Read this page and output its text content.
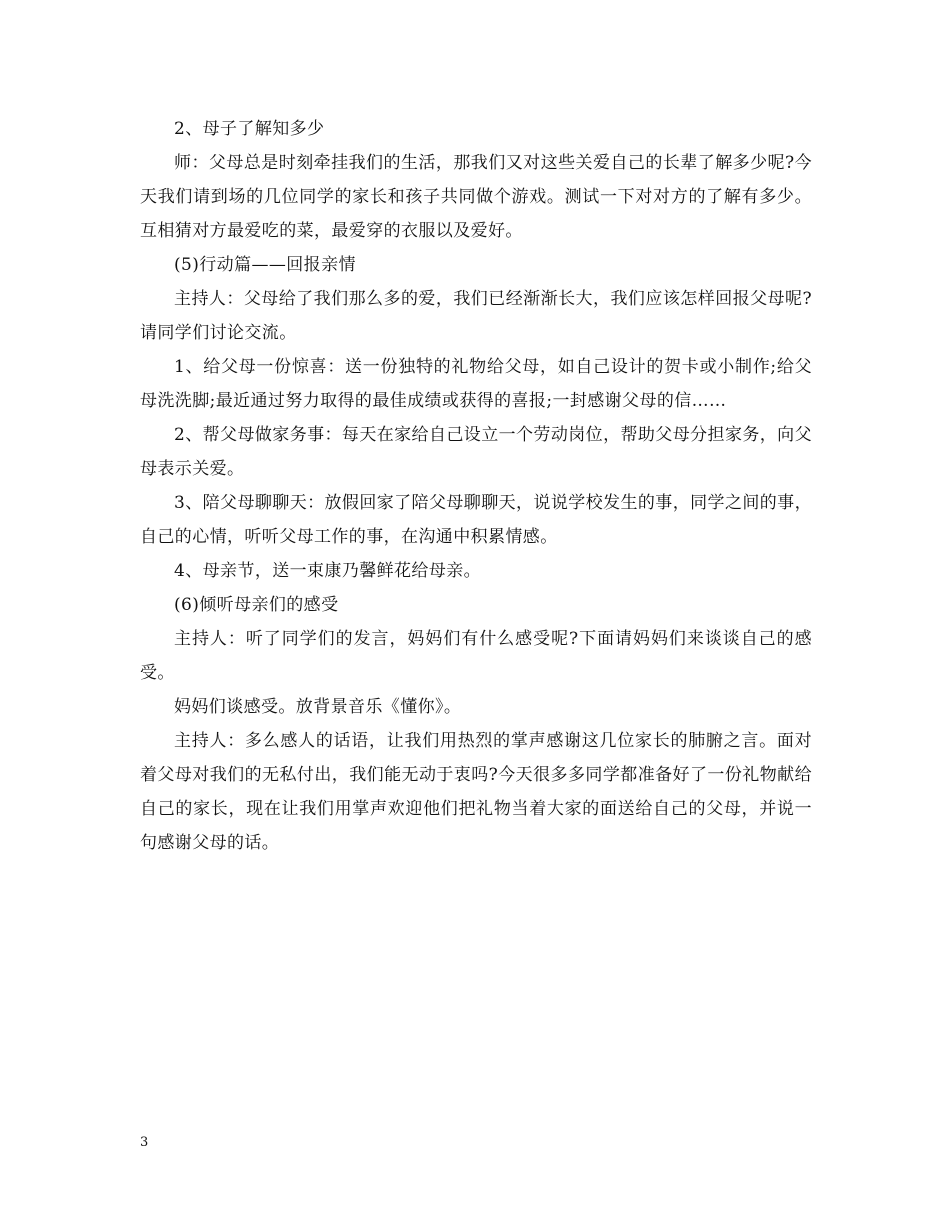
2、母子了解知多少

师：父母总是时刻牵挂我们的生活，那我们又对这些关爱自己的长辈了解多少呢?今天我们请到场的几位同学的家长和孩子共同做个游戏。测试一下对对方的了解有多少。互相猜对方最爱吃的菜，最爱穿的衣服以及爱好。

(5)行动篇——回报亲情

主持人：父母给了我们那么多的爱，我们已经渐渐长大，我们应该怎样回报父母呢?请同学们讨论交流。

1、给父母一份惊喜：送一份独特的礼物给父母，如自己设计的贺卡或小制作;给父母洗洗脚;最近通过努力取得的最佳成绩或获得的喜报;一封感谢父母的信……

2、帮父母做家务事：每天在家给自己设立一个劳动岗位，帮助父母分担家务，向父母表示关爱。

3、陪父母聊聊天：放假回家了陪父母聊聊天，说说学校发生的事，同学之间的事，自己的心情，听听父母工作的事，在沟通中积累情感。

4、母亲节，送一束康乃馨鲜花给母亲。

(6)倾听母亲们的感受

主持人：听了同学们的发言，妈妈们有什么感受呢?下面请妈妈们来谈谈自己的感受。

妈妈们谈感受。放背景音乐《懂你》。

主持人：多么感人的话语，让我们用热烈的掌声感谢这几位家长的肺腑之言。面对着父母对我们的无私付出，我们能无动于衷吗?今天很多多同学都准备好了一份礼物献给自己的家长，现在让我们用掌声欢迎他们把礼物当着大家的面送给自己的父母，并说一句感谢父母的话。

3
